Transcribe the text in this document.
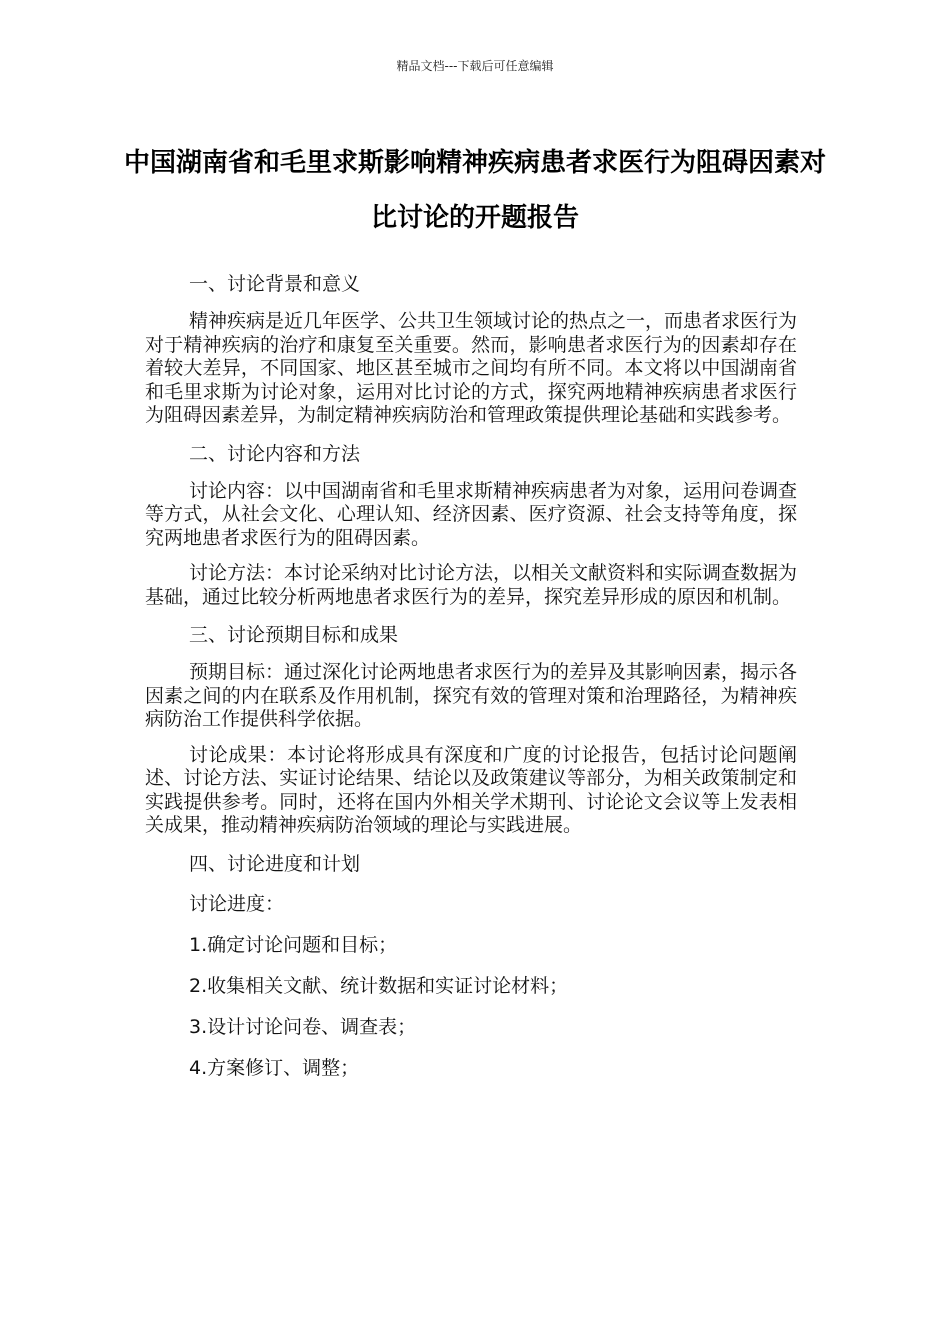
精品文档---下载后可任意编辑
中国湖南省和毛里求斯影响精神疾病患者求医行为阻碍因素对比讨论的开题报告
一、讨论背景和意义

精神疾病是近几年医学、公共卫生领域讨论的热点之一，而患者求医行为对于精神疾病的治疗和康复至关重要。然而，影响患者求医行为的因素却存在着较大差异，不同国家、地区甚至城市之间均有所不同。本文将以中国湖南省和毛里求斯为讨论对象，运用对比讨论的方式，探究两地精神疾病患者求医行为阻碍因素差异，为制定精神疾病防治和管理政策提供理论基础和实践参考。

二、讨论内容和方法

讨论内容：以中国湖南省和毛里求斯精神疾病患者为对象，运用问卷调查等方式，从社会文化、心理认知、经济因素、医疗资源、社会支持等角度，探究两地患者求医行为的阻碍因素。

讨论方法：本讨论采纳对比讨论方法，以相关文献资料和实际调查数据为基础，通过比较分析两地患者求医行为的差异，探究差异形成的原因和机制。

三、讨论预期目标和成果

预期目标：通过深化讨论两地患者求医行为的差异及其影响因素，揭示各因素之间的内在联系及作用机制，探究有效的管理对策和治理路径，为精神疾病防治工作提供科学依据。

讨论成果：本讨论将形成具有深度和广度的讨论报告，包括讨论问题阐述、讨论方法、实证讨论结果、结论以及政策建议等部分，为相关政策制定和实践提供参考。同时，还将在国内外相关学术期刊、讨论论文会议等上发表相关成果，推动精神疾病防治领域的理论与实践进展。

四、讨论进度和计划
讨论进度：
1.确定讨论问题和目标；
2.收集相关文献、统计数据和实证讨论材料；
3.设计讨论问卷、调查表；
4.方案修订、调整；
